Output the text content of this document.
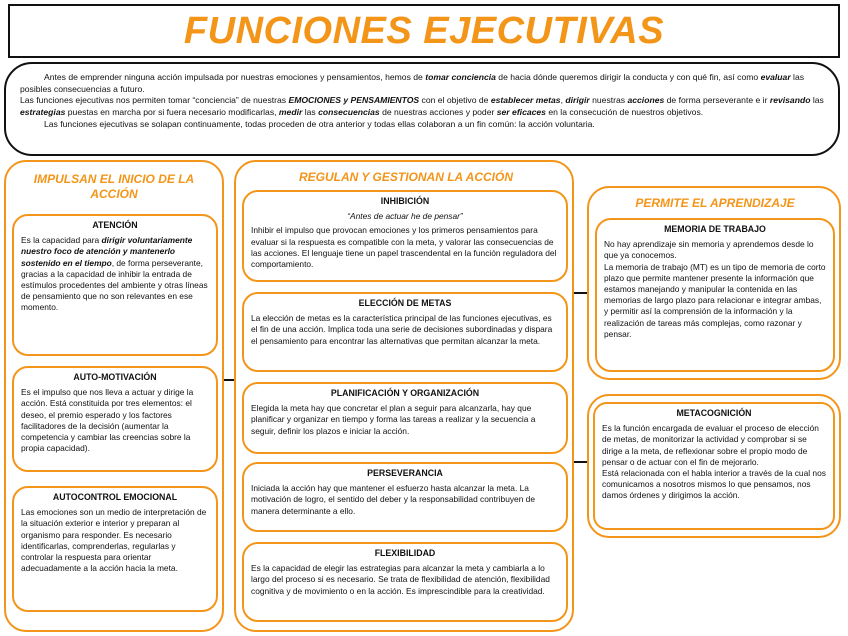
FUNCIONES EJECUTIVAS

Antes de emprender ninguna acción impulsada por nuestras emociones y pensamientos, hemos de tomar conciencia de hacia dónde queremos dirigir la conducta y con qué fin, así como evaluar las posibles consecuencias a futuro.

Las funciones ejecutivas nos permiten tomar “conciencia” de nuestras EMOCIONES y PENSAMIENTOS con el objetivo de establecer metas, dirigir nuestras acciones de forma perseverante e ir revisando las estrategias puestas en marcha por si fuera necesario modificarlas, medir las consecuencias de nuestras acciones y poder ser eficaces en la consecución de nuestros objetivos.

Las funciones ejecutivas se solapan continuamente, todas proceden de otra anterior y todas ellas colaboran a un fin común: la acción voluntaria.

IMPULSAN EL INICIO DE LA ACCIÓN
ATENCIÓN

Es la capacidad para dirigir voluntariamente nuestro foco de atención y mantenerlo sostenido en el tiempo, de forma perseverante, gracias a la capacidad de inhibir la entrada de estímulos procedentes del ambiente y otras líneas de pensamiento que no son relevantes en ese momento.

AUTO-MOTIVACIÓN

Es el impulso que nos lleva a actuar y dirige la acción. Está constituida por tres elementos: el deseo, el premio esperado y los factores facilitadores de la decisión (aumentar la competencia y cambiar las creencias sobre la propia capacidad).

AUTOCONTROL EMOCIONAL

Las emociones son un medio de interpretación de la situación exterior e interior y preparan al organismo para responder. Es necesario identificarlas, comprenderlas, regularlas y controlar la respuesta para orientar adecuadamente a la acción hacia la meta.

REGULAN Y GESTIONAN LA ACCIÓN
INHIBICIÓN

“Antes de actuar he de pensar”

Inhibir el impulso que provocan emociones y los primeros pensamientos para evaluar si la respuesta es compatible con la meta, y valorar las consecuencias de las acciones. El lenguaje tiene un papel trascendental en la función reguladora del comportamiento.

ELECCIÓN DE METAS

La elección de metas es la característica principal de las funciones ejecutivas, es el fin de una acción. Implica toda una serie de decisiones subordinadas y dispara el pensamiento para encontrar las alternativas que permitan alcanzar la meta.

PLANIFICACIÓN Y ORGANIZACIÓN

Elegida la meta hay que concretar el plan a seguir para alcanzarla, hay que planificar y organizar en tiempo y forma las tareas a realizar y la secuencia a seguir, definir los plazos e iniciar la acción.

PERSEVERANCIA

Iniciada la acción hay que mantener el esfuerzo hasta alcanzar la meta. La motivación de logro, el sentido del deber y la responsabilidad contribuyen de manera determinante a ello.

FLEXIBILIDAD

Es la capacidad de elegir las estrategias para alcanzar la meta y cambiarla a lo largo del proceso si es necesario. Se trata de flexibilidad de atención, flexibilidad cognitiva y de movimiento o en la acción. Es imprescindible para la creatividad.

PERMITE EL APRENDIZAJE
MEMORIA DE TRABAJO

No hay aprendizaje sin memoria y aprendemos desde lo que ya conocemos.

La memoria de trabajo (MT) es un tipo de memoria de corto plazo que permite mantener presente la información que estamos manejando y manipular la contenida en las memorias de largo plazo para relacionar e integrar ambas, y permitir así la comprensión de la información y la realización de tareas más complejas, como razonar y pensar.

METACOGNICIÓN

Es la función encargada de evaluar el proceso de elección de metas, de monitorizar la actividad y comprobar si se dirige a la meta, de reflexionar sobre el propio modo de pensar o de actuar con el fin de mejorarlo.

Está relacionada con el habla interior a través de la cual nos comunicamos a nosotros mismos lo que pensamos, nos damos órdenes y dirigimos la acción.
